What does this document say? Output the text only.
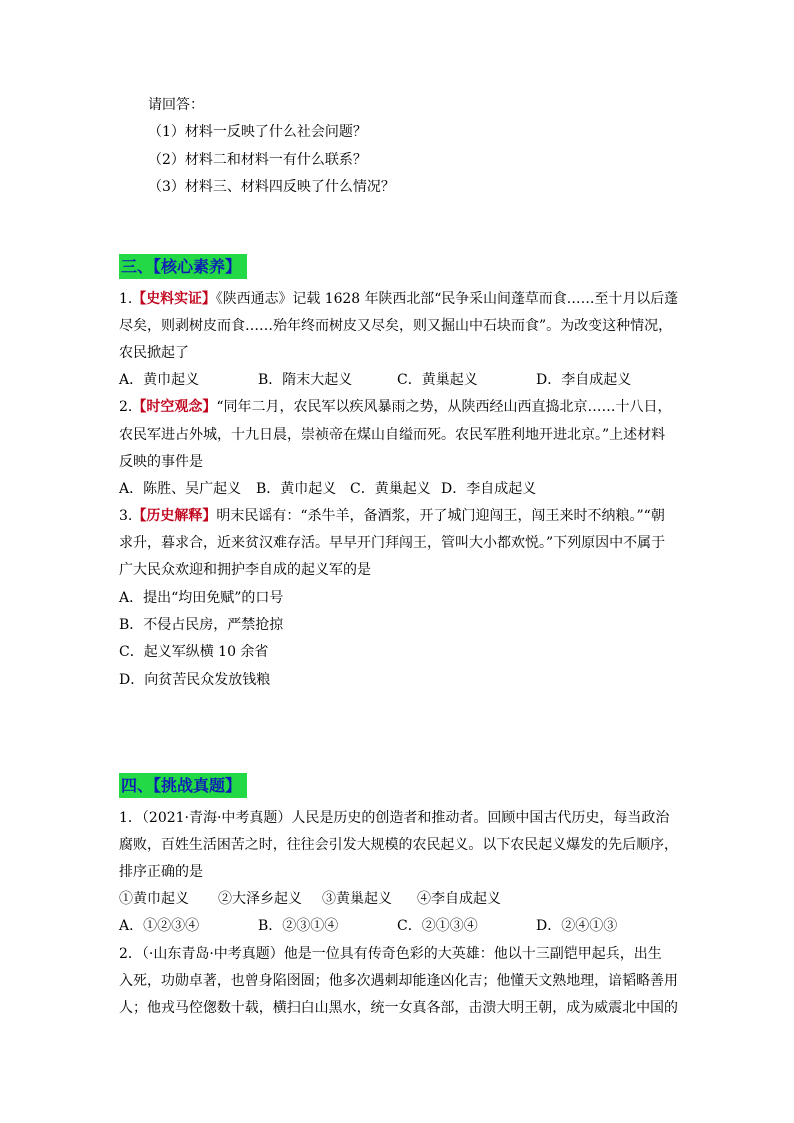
请回答：
（1）材料一反映了什么社会问题？
（2）材料二和材料一有什么联系？
（3）材料三、材料四反映了什么情况？
三、【核心素养】
1.【史料实证】《陕西通志》记载 1628 年陕西北部“民争采山间蓬草而食……至十月以后蓬
尽矣，则剥树皮而食……殆年终而树皮又尽矣，则又掘山中石块而食”。为改变这种情况，
农民掀起了
A．黄巾起义	B．隋末大起义	C．黄巢起义	D．李自成起义
2.【时空观念】“同年二月，农民军以疾风暴雨之势，从陕西经山西直捣北京……十八日，
农民军进占外城，十九日晨，崇祯帝在煤山自缢而死。农民军胜利地开进北京。”上述材料
反映的事件是
A．陈胜、吴广起义 B．黄巾起义 C．黄巢起义 D．李自成起义
3.【历史解释】明末民谣有：“杀牛羊，备酒浆，开了城门迎闯王，闯王来时不纳粮。”“朝
求升，暮求合，近来贫汉难存活。早早开门拜闯王，管叫大小都欢悦。”下列原因中不属于
广大民众欢迎和拥护李自成的起义军的是
A．提出“均田免赋”的口号
B．不侵占民房，严禁抢掠
C．起义军纵横 10 余省
D．向贫苦民众发放钱粮
四、【挑战真题】
1．（2021·青海·中考真题）人民是历史的创造者和推动者。回顾中国古代历史，每当政治
腐败，百姓生活困苦之时，往往会引发大规模的农民起义。以下农民起义爆发的先后顺序，
排序正确的是
①黄巾起义 ②大泽乡起义 ③黄巢起义 ④李自成起义
A．①②③④	B．②③①④	C．②①③④	D．②④①③
2．（·山东青岛·中考真题）他是一位具有传奇色彩的大英雄：他以十三副铠甲起兵，出生
入死，功勋卓著，也曾身陷囹圄；他多次遇刺却能逢凶化吉；他懂天文熟地理，谙韬略善用
人；他戎马倥偬数十载，横扫白山黑水，统一女真各部，击溃大明王朝，成为威震北中国的
